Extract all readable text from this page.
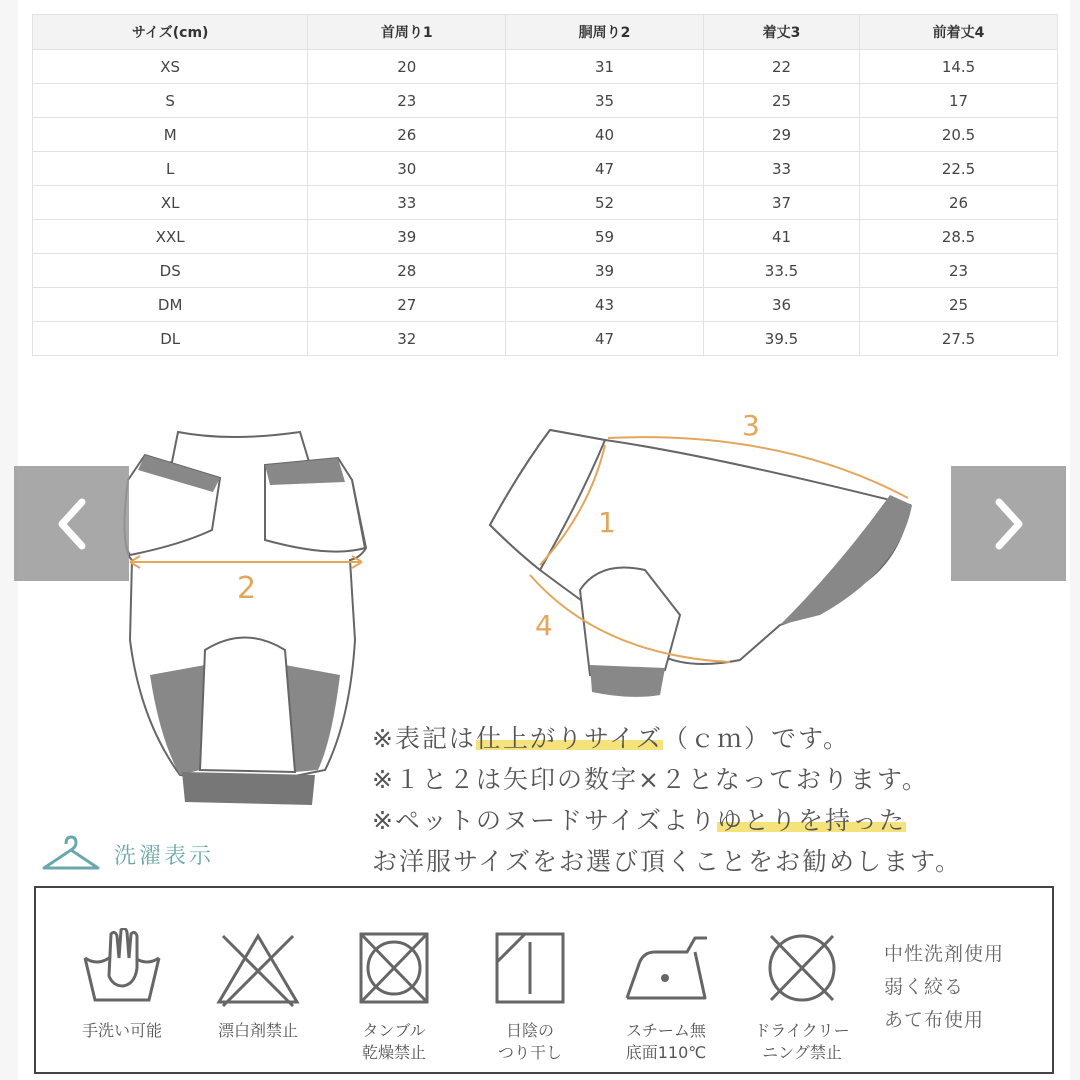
サイズ(cm)	首周り1	胴周り2	着丈3	前着丈4
XS	20	31	22	14.5
S	23	35	25	17
M	26	40	29	20.5
L	30	47	33	22.5
XL	33	52	37	26
XXL	39	59	41	28.5
DS	28	39	33.5	23
DM	27	43	36	25
DL	32	47	39.5	27.5
2
1
3
4
※表記は仕上がりサイズ（ｃｍ）です。
※１と２は矢印の数字×２となっております。
※ペットのヌードサイズよりゆとりを持った
お洋服サイズをお選び頂くことをお勧めします。
洗濯表示
手洗い可能	漂白剤禁止	タンブル
乾燥禁止
日陰の
つり干し
スチーム無
底面110℃
ドライクリー
ニング禁止
中性洗剤使用
弱く絞る
あて布使用
